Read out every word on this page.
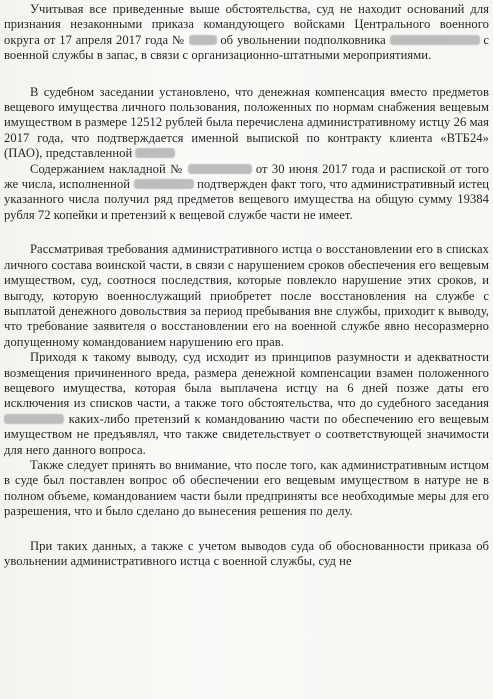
Учитывая все приведенные выше обстоятельства, суд не находит оснований для признания незаконными приказа командующего войсками Центрального военного округа от 17 апреля 2017 года №  об увольнении подполковника	с военной службы в запас, в связи с организационно-штатными мероприятиями.

В судебном заседании установлено, что денежная компенсация вместо предметов вещевого имущества личного пользования, положенных по нормам снабжения вещевым имуществом в размере 12512 рублей была перечислена административному истцу 26 мая 2017 года, что подтверждается именной выпиской по контракту клиента «ВТБ24» (ПАО), представленной

Содержанием накладной №	от 30 июня 2017 года и распиской от того же числа, исполненной	подтвержден факт того, что административный истец указанного числа получил ряд предметов вещевого имущества на общую сумму 19384 рубля 72 копейки и претензий к вещевой службе части не имеет.

Рассматривая требования административного истца о восстановлении его в списках личного состава воинской части, в связи с нарушением сроков обеспечения его вещевым имуществом, суд, соотнося последствия, которые повлекло нарушение этих сроков, и выгоду, которую военнослужащий приобретет после восстановления на службе с выплатой денежного довольствия за период пребывания вне службы, приходит к выводу, что требование заявителя о восстановлении его на военной службе явно несоразмерно допущенному командованием нарушению его прав.

Приходя к такому выводу, суд исходит из принципов разумности и адекватности возмещения причиненного вреда, размера денежной компенсации взамен положенного вещевого имущества, которая была выплачена истцу на 6 дней позже даты его исключения из списков части, а также того обстоятельства, что до судебного заседания  каких-либо претензий к командованию части по обеспечению его вещевым имуществом не предъявлял, что также свидетельствует о соответствующей значимости для него данного вопроса.

Также следует принять во внимание, что после того, как административным истцом в суде был поставлен вопрос об обеспечении его вещевым имуществом в натуре не в полном объеме, командованием части были предприняты все необходимые меры для его разрешения, что и было сделано до вынесения решения по делу.

При таких данных, а также с учетом выводов суда об обоснованности приказа об увольнении административного истца с военной службы, суд не
